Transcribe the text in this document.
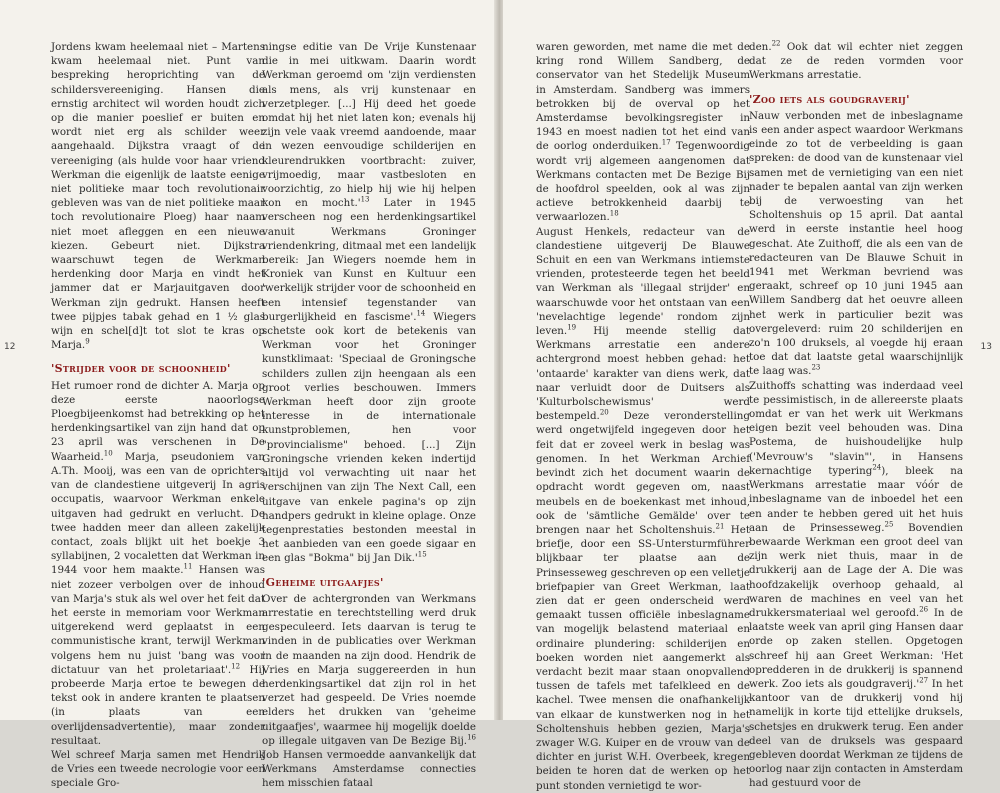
Jordens kwam heelemaal niet – Martens kwam heelemaal niet. Punt van bespreking heroprichting van de schildersvereeniging. Hansen die ernstig architect wil worden houdt zich op die manier poeslief er buiten en wordt niet erg als schilder weer aangehaald. Dijkstra vraagt of de vereeniging (als hulde voor haar vriend Werkman die eigenlijk de laatste eenige niet politieke maar toch revolutionair gebleven was van de niet politieke maar toch revolutionaire Ploeg) haar naam niet moet afleggen en een nieuwe kiezen. Gebeurt niet. Dijkstra waarschuwt tegen de Werkman herdenking door Marja en vindt het jammer dat er Marjauitgaven door Werkman zijn gedrukt. Hansen heeft twee pijpjes tabak gehad en 1 ½ glas wijn en schel[d]t tot slot te kras op Marja.$^9$

'Strijder voor de schoonheid'

Het rumoer rond de dichter A. Marja op deze eerste naoorlogse Ploegbijeenkomst had betrekking op het herdenkingsartikel van zijn hand dat op 23 april was verschenen in De Waarheid.$^{10}$ Marja, pseudoniem van A.Th. Mooij, was een van de oprichters van de clandestiene uitgeverij In agris occupatis, waarvoor Werkman enkele uitgaven had gedrukt en verlucht. De twee hadden meer dan alleen zakelijk contact, zoals blijkt uit het boekje 3 syllabijnen, 2 vocaletten dat Werkman in 1944 voor hem maakte.$^{11}$ Hansen was niet zozeer verbolgen over de inhoud van Marja's stuk als wel over het feit dat het eerste in memoriam voor Werkman uitgerekend werd geplaatst in een communistische krant, terwijl Werkman volgens hem nu juist 'bang was voor dictatuur van het proletariaat'.$^{12}$ Hij probeerde Marja ertoe te bewegen de tekst ook in andere kranten te plaatsen (in plaats van een overlijdensadvertentie), maar zonder resultaat.

Wel schreef Marja samen met Hendrik de Vries een tweede necrologie voor een speciale Gro-

ningse editie van De Vrije Kunstenaar die in mei uitkwam. Daarin wordt Werkman geroemd om 'zijn verdiensten als mens, als vrij kunstenaar en verzetpleger. [...] Hij deed het goede omdat hij het niet laten kon; evenals hij zijn vele vaak vreemd aandoende, maar in wezen eenvoudige schilderijen en kleurendrukken voortbracht: zuiver, vrijmoedig, maar vastbesloten en voorzichtig, zo hielp hij wie hij helpen kon en mocht.'$^{13}$ Later in 1945 verscheen nog een herdenkingsartikel vanuit Werkmans Groninger vriendenkring, ditmaal met een landelijk bereik: Jan Wiegers noemde hem in Kroniek van Kunst en Kultuur een 'werkelijk strijder voor de schoonheid en een intensief tegenstander van burgerlijkheid en fascisme'.$^{14}$ Wiegers schetste ook kort de betekenis van Werkman voor het Groninger kunstklimaat: 'Speciaal de Groningsche schilders zullen zijn heengaan als een groot verlies beschouwen. Immers Werkman heeft door zijn groote interesse in de internationale kunstproblemen, hen voor "provincialisme" behoed. [...] Zijn Groningsche vrienden keken indertijd altijd vol verwachting uit naar het verschijnen van zijn The Next Call, een uitgave van enkele pagina's op zijn handpers gedrukt in kleine oplage. Onze tegenprestaties bestonden meestal in het aanbieden van een goede sigaar en een glas "Bokma" bij Jan Dik.'$^{15}$

'Geheime uitgaafjes'

Over de achtergronden van Werkmans arrestatie en terechtstelling werd druk gespeculeerd. Iets daarvan is terug te vinden in de publicaties over Werkman in de maanden na zijn dood. Hendrik de Vries en Marja suggereerden in hun herdenkingsartikel dat zijn rol in het verzet had gespeeld. De Vries noemde elders het drukken van 'geheime uitgaafjes', waarmee hij mogelijk doelde op illegale uitgaven van De Bezige Bij.$^{16}$ Job Hansen vermoedde aanvankelijk dat Werkmans Amsterdamse connecties hem misschien fataal

12

waren geworden, met name die met de kring rond Willem Sandberg, de conservator van het Stedelijk Museum in Amsterdam. Sandberg was immers betrokken bij de overval op het Amsterdamse bevolkingsregister in 1943 en moest nadien tot het eind van de oorlog onderduiken.$^{17}$ Tegenwoordig wordt vrij algemeen aangenomen dat Werkmans contacten met De Bezige Bij de hoofdrol speelden, ook al was zijn actieve betrokkenheid daarbij te verwaarlozen.$^{18}$

August Henkels, redacteur van de clandestiene uitgeverij De Blauwe Schuit en een van Werkmans intiemste vrienden, protesteerde tegen het beeld van Werkman als 'illegaal strijder' en waarschuwde voor het ontstaan van een 'nevelachtige legende' rondom zijn leven.$^{19}$ Hij meende stellig dat Werkmans arrestatie een andere achtergrond moest hebben gehad: het 'ontaarde' karakter van diens werk, dat naar verluidt door de Duitsers als 'Kulturbolschewismus' werd bestempeld.$^{20}$ Deze veronderstelling werd ongetwijfeld ingegeven door het feit dat er zoveel werk in beslag was genomen. In het Werkman Archief bevindt zich het document waarin de opdracht wordt gegeven om, naast meubels en de boekenkast met inhoud, ook de 'sämtliche Gemälde' over te brengen naar het Scholtenshuis.$^{21}$ Het briefje, door een SS-Untersturmführer blijkbaar ter plaatse aan de Prinsesseweg geschreven op een velletje briefpapier van Greet Werkman, laat zien dat er geen onderscheid werd gemaakt tussen officiële inbeslagname van mogelijk belastend materiaal en ordinaire plundering: schilderijen en boeken worden niet aangemerkt als verdacht bezit maar staan onopvallend tussen de tafels met tafelkleed en de kachel. Twee mensen die onafhankelijk van elkaar de kunstwerken nog in het Scholtenshuis hebben gezien, Marja's zwager W.G. Kuiper en de vrouw van de dichter en jurist W.H. Overbeek, kregen beiden te horen dat de werken op het punt stonden vernietigd te wor-

den.$^{22}$ Ook dat wil echter niet zeggen dat ze de reden vormden voor Werkmans arrestatie.

'Zoo iets als goudgraverij'

Nauw verbonden met de inbeslagname is een ander aspect waardoor Werkmans einde zo tot de verbeelding is gaan spreken: de dood van de kunstenaar viel samen met de vernietiging van een niet nader te bepalen aantal van zijn werken bij de verwoesting van het Scholtenshuis op 15 april. Dat aantal werd in eerste instantie heel hoog geschat. Ate Zuithoff, die als een van de redacteuren van De Blauwe Schuit in 1941 met Werkman bevriend was geraakt, schreef op 10 juni 1945 aan Willem Sandberg dat het oeuvre alleen het werk in particulier bezit was overgeleverd: ruim 20 schilderijen en zo'n 100 druksels, al voegde hij eraan toe dat dat laatste getal waarschijnlijk te laag was.$^{23}$

Zuithoffs schatting was inderdaad veel te pessimistisch, in de allereerste plaats omdat er van het werk uit Werkmans eigen bezit veel behouden was. Dina Postema, de huishoudelijke hulp ('Mevrouw's "slavin"', in Hansens kernachtige typering$^{24}$), bleek na Werkmans arrestatie maar vóór de inbeslagname van de inboedel het een en ander te hebben gered uit het huis aan de Prinsesseweg.$^{25}$ Bovendien bewaarde Werkman een groot deel van zijn werk niet thuis, maar in de drukkerij aan de Lage der A. Die was hoofdzakelijk overhoop gehaald, al waren de machines en veel van het drukkersmateriaal wel geroofd.$^{26}$ In de laatste week van april ging Hansen daar orde op zaken stellen. Opgetogen schreef hij aan Greet Werkman: 'Het opredderen in de drukkerij is spannend werk. Zoo iets als goudgraverij.'$^{27}$ In het kantoor van de drukkerij vond hij namelijk in korte tijd ettelijke druksels, schetsjes en drukwerk terug. Een ander deel van de druksels was gespaard gebleven doordat Werkman ze tijdens de oorlog naar zijn contacten in Amsterdam had gestuurd voor de

13
